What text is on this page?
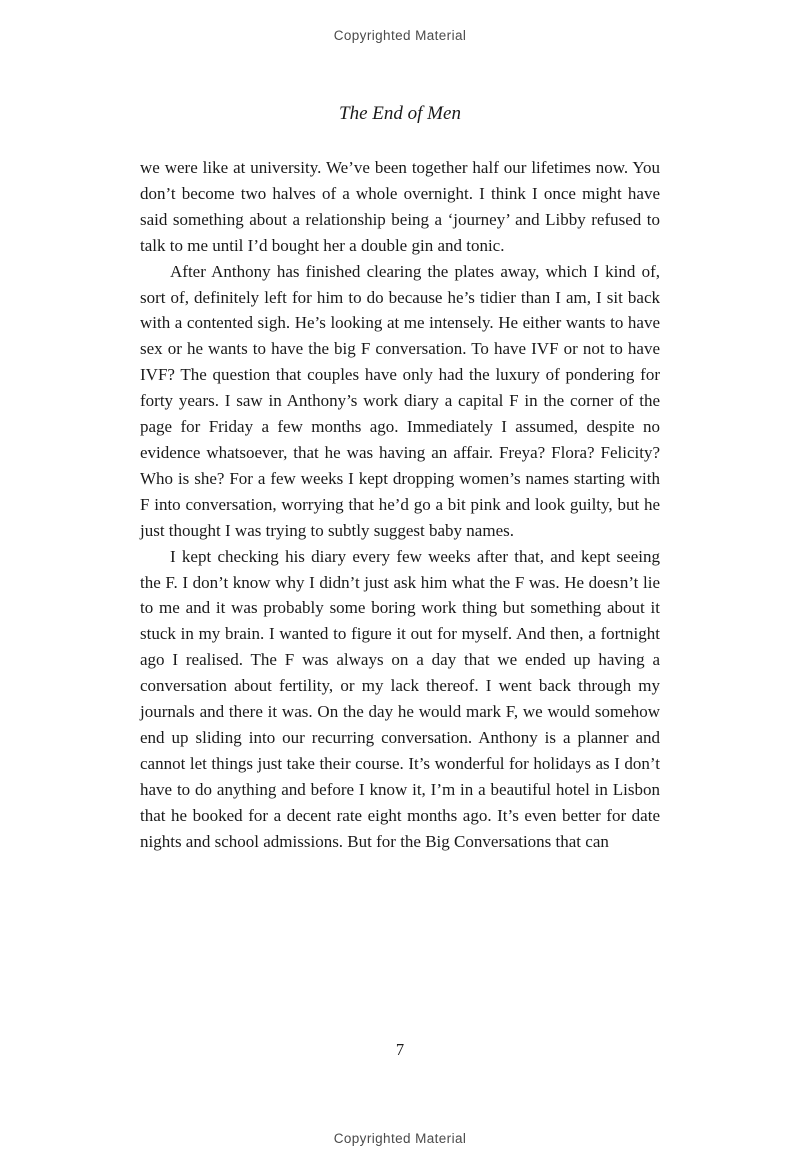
Copyrighted Material
The End of Men

we were like at university. We’ve been together half our lifetimes now. You don’t become two halves of a whole overnight. I think I once might have said something about a relationship being a ‘journey’ and Libby refused to talk to me until I’d bought her a double gin and tonic.

After Anthony has finished clearing the plates away, which I kind of, sort of, definitely left for him to do because he’s tidier than I am, I sit back with a contented sigh. He’s looking at me intensely. He either wants to have sex or he wants to have the big F conversation. To have IVF or not to have IVF? The question that couples have only had the luxury of pondering for forty years. I saw in Anthony’s work diary a capital F in the corner of the page for Friday a few months ago. Immediately I assumed, despite no evidence whatsoever, that he was having an affair. Freya? Flora? Felicity? Who is she? For a few weeks I kept dropping women’s names starting with F into conversation, worrying that he’d go a bit pink and look guilty, but he just thought I was trying to subtly suggest baby names.

I kept checking his diary every few weeks after that, and kept seeing the F. I don’t know why I didn’t just ask him what the F was. He doesn’t lie to me and it was probably some boring work thing but something about it stuck in my brain. I wanted to figure it out for myself. And then, a fortnight ago I realised. The F was always on a day that we ended up having a conversation about fertility, or my lack thereof. I went back through my journals and there it was. On the day he would mark F, we would somehow end up sliding into our recurring conversation. Anthony is a planner and cannot let things just take their course. It’s wonderful for holidays as I don’t have to do anything and before I know it, I’m in a beautiful hotel in Lisbon that he booked for a decent rate eight months ago. It’s even better for date nights and school admissions. But for the Big Conversations that can

7
Copyrighted Material
